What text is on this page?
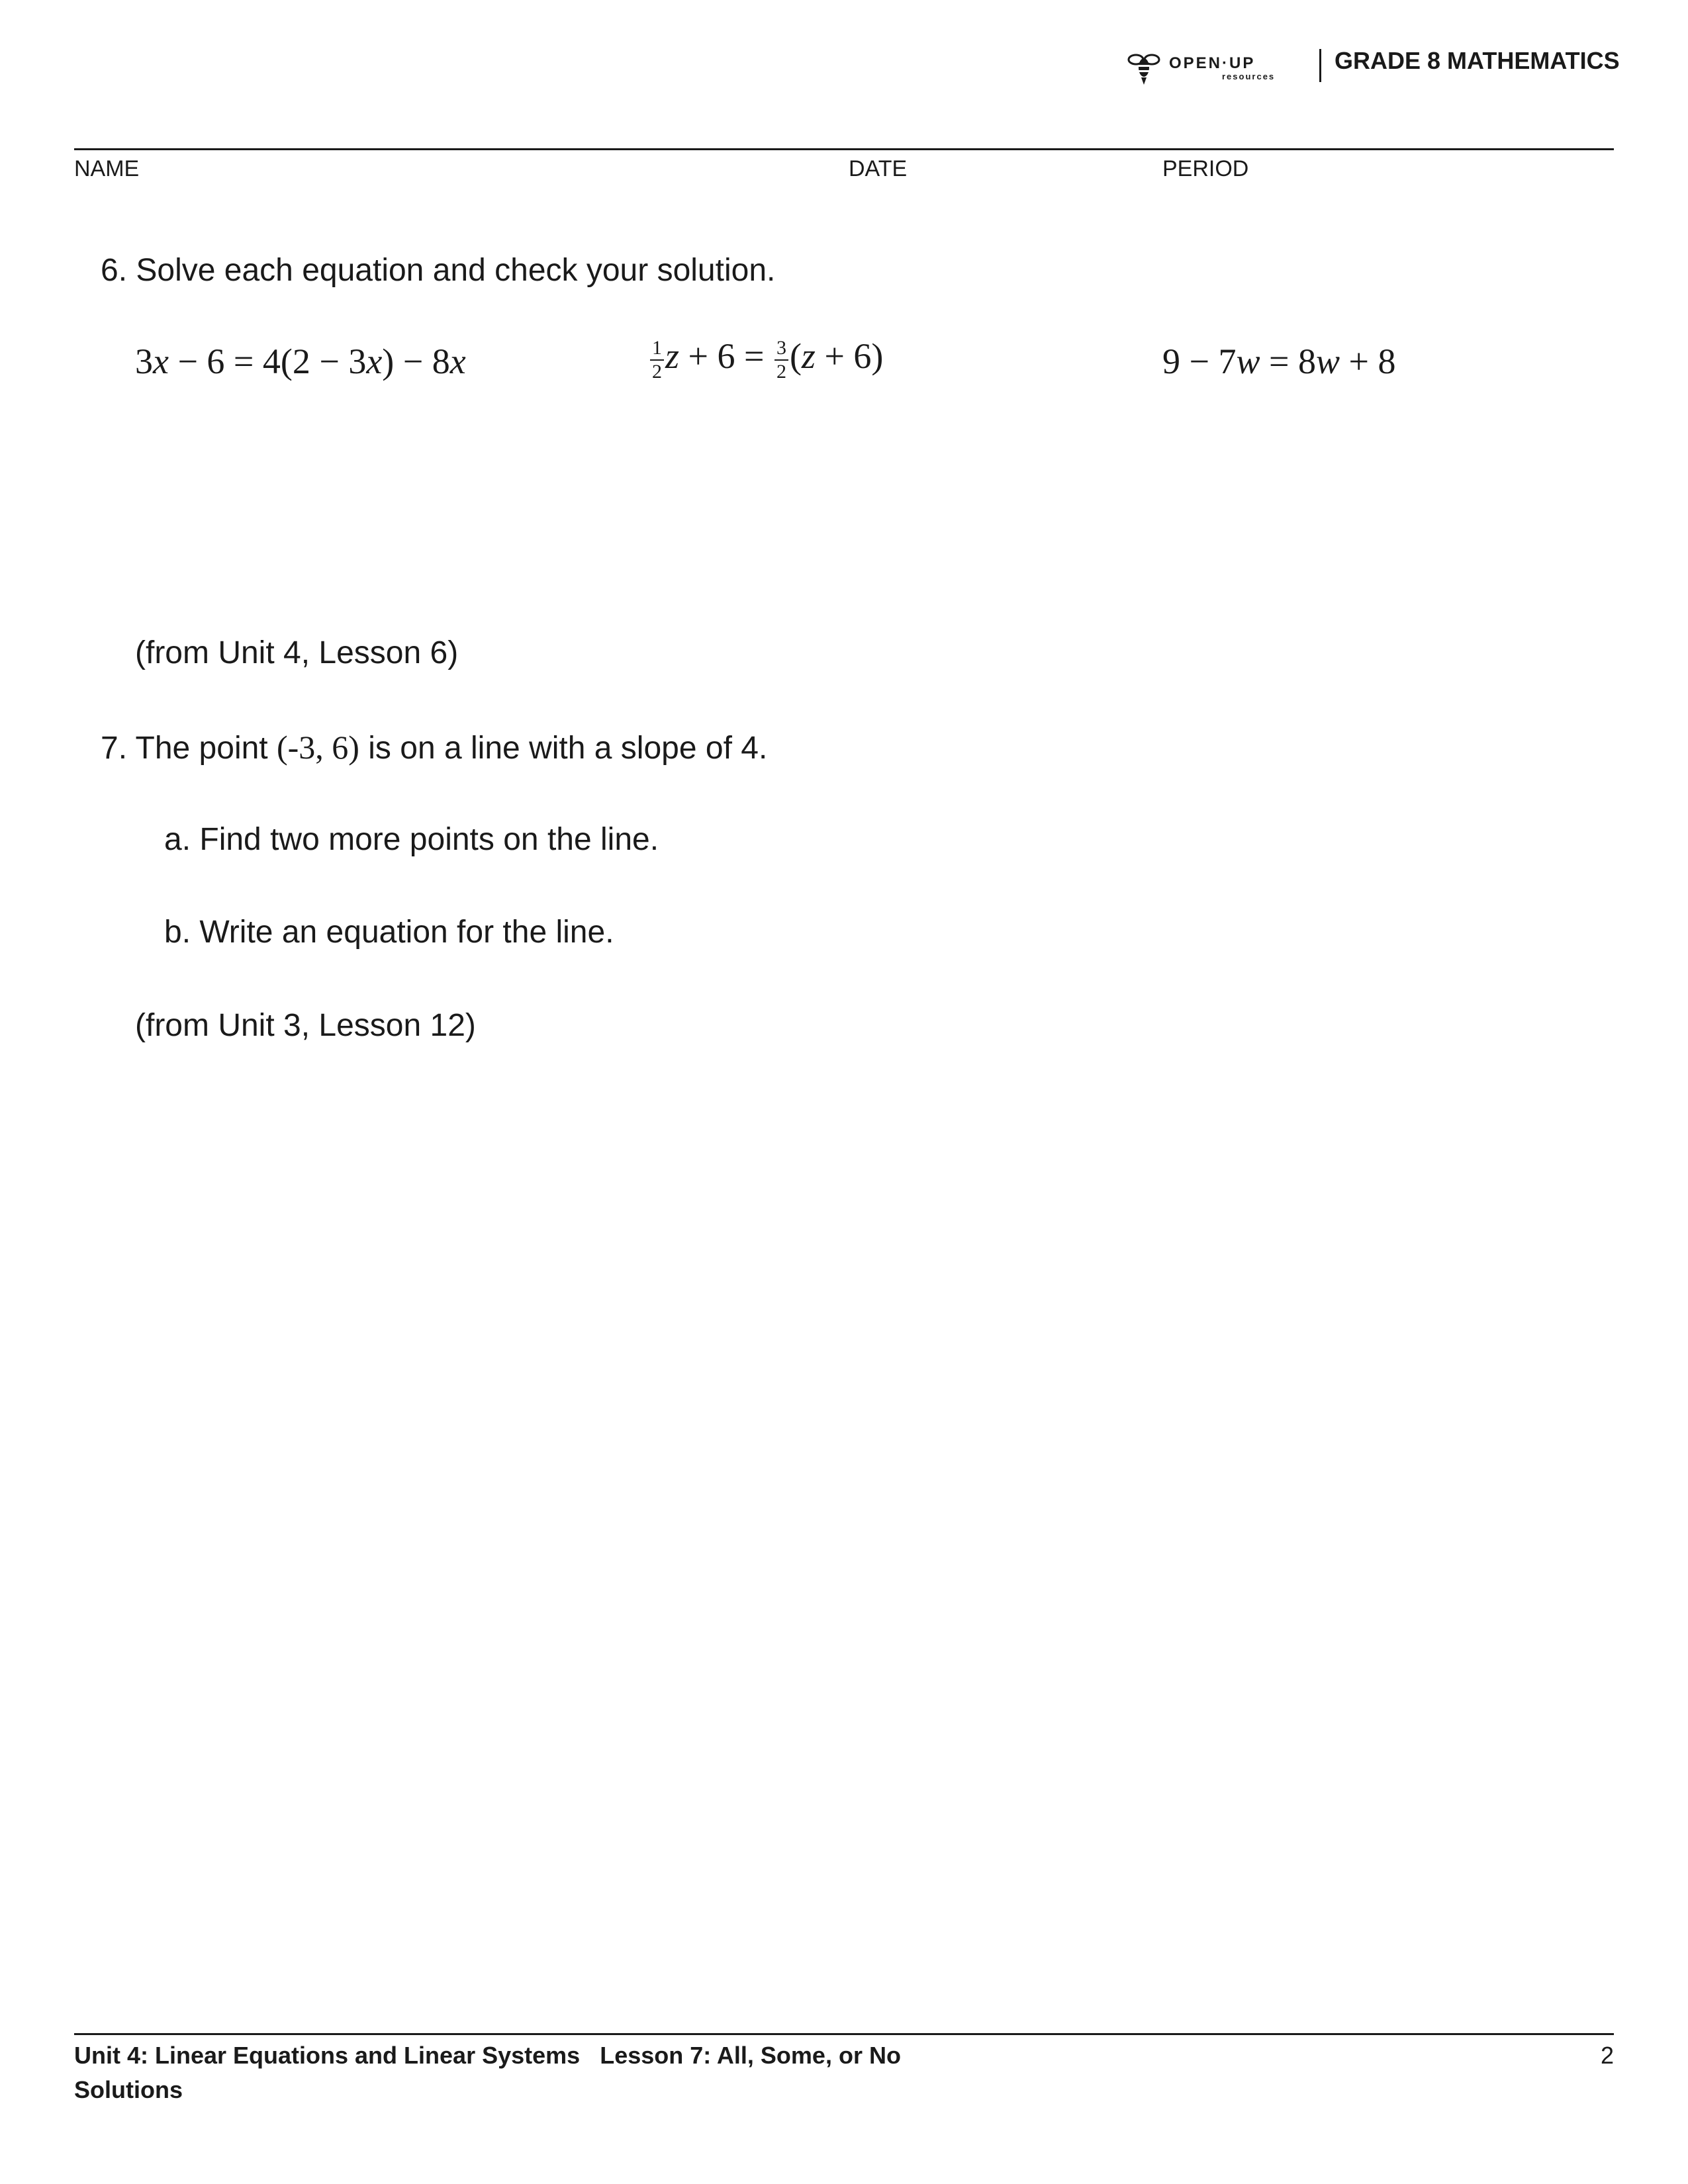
OPEN·UP
resources
GRADE 8 MATHEMATICS
NAME	DATE	PERIOD
6. Solve each equation and check your solution.
3x − 6 = 4(2 − 3x) − 8x	$\frac{1}{2}$ $z + 6 = \frac{3}{2} (z + 6)$	9 − 7w = 8w + 8
(from Unit 4, Lesson 6)
7. The point (-3, 6) is on a line with a slope of 4.
a. Find two more points on the line.
b. Write an equation for the line.
(from Unit 3, Lesson 12)
Unit 4: Linear Equations and Linear Systems Lesson 7: All, Some, or No Solutions
2
